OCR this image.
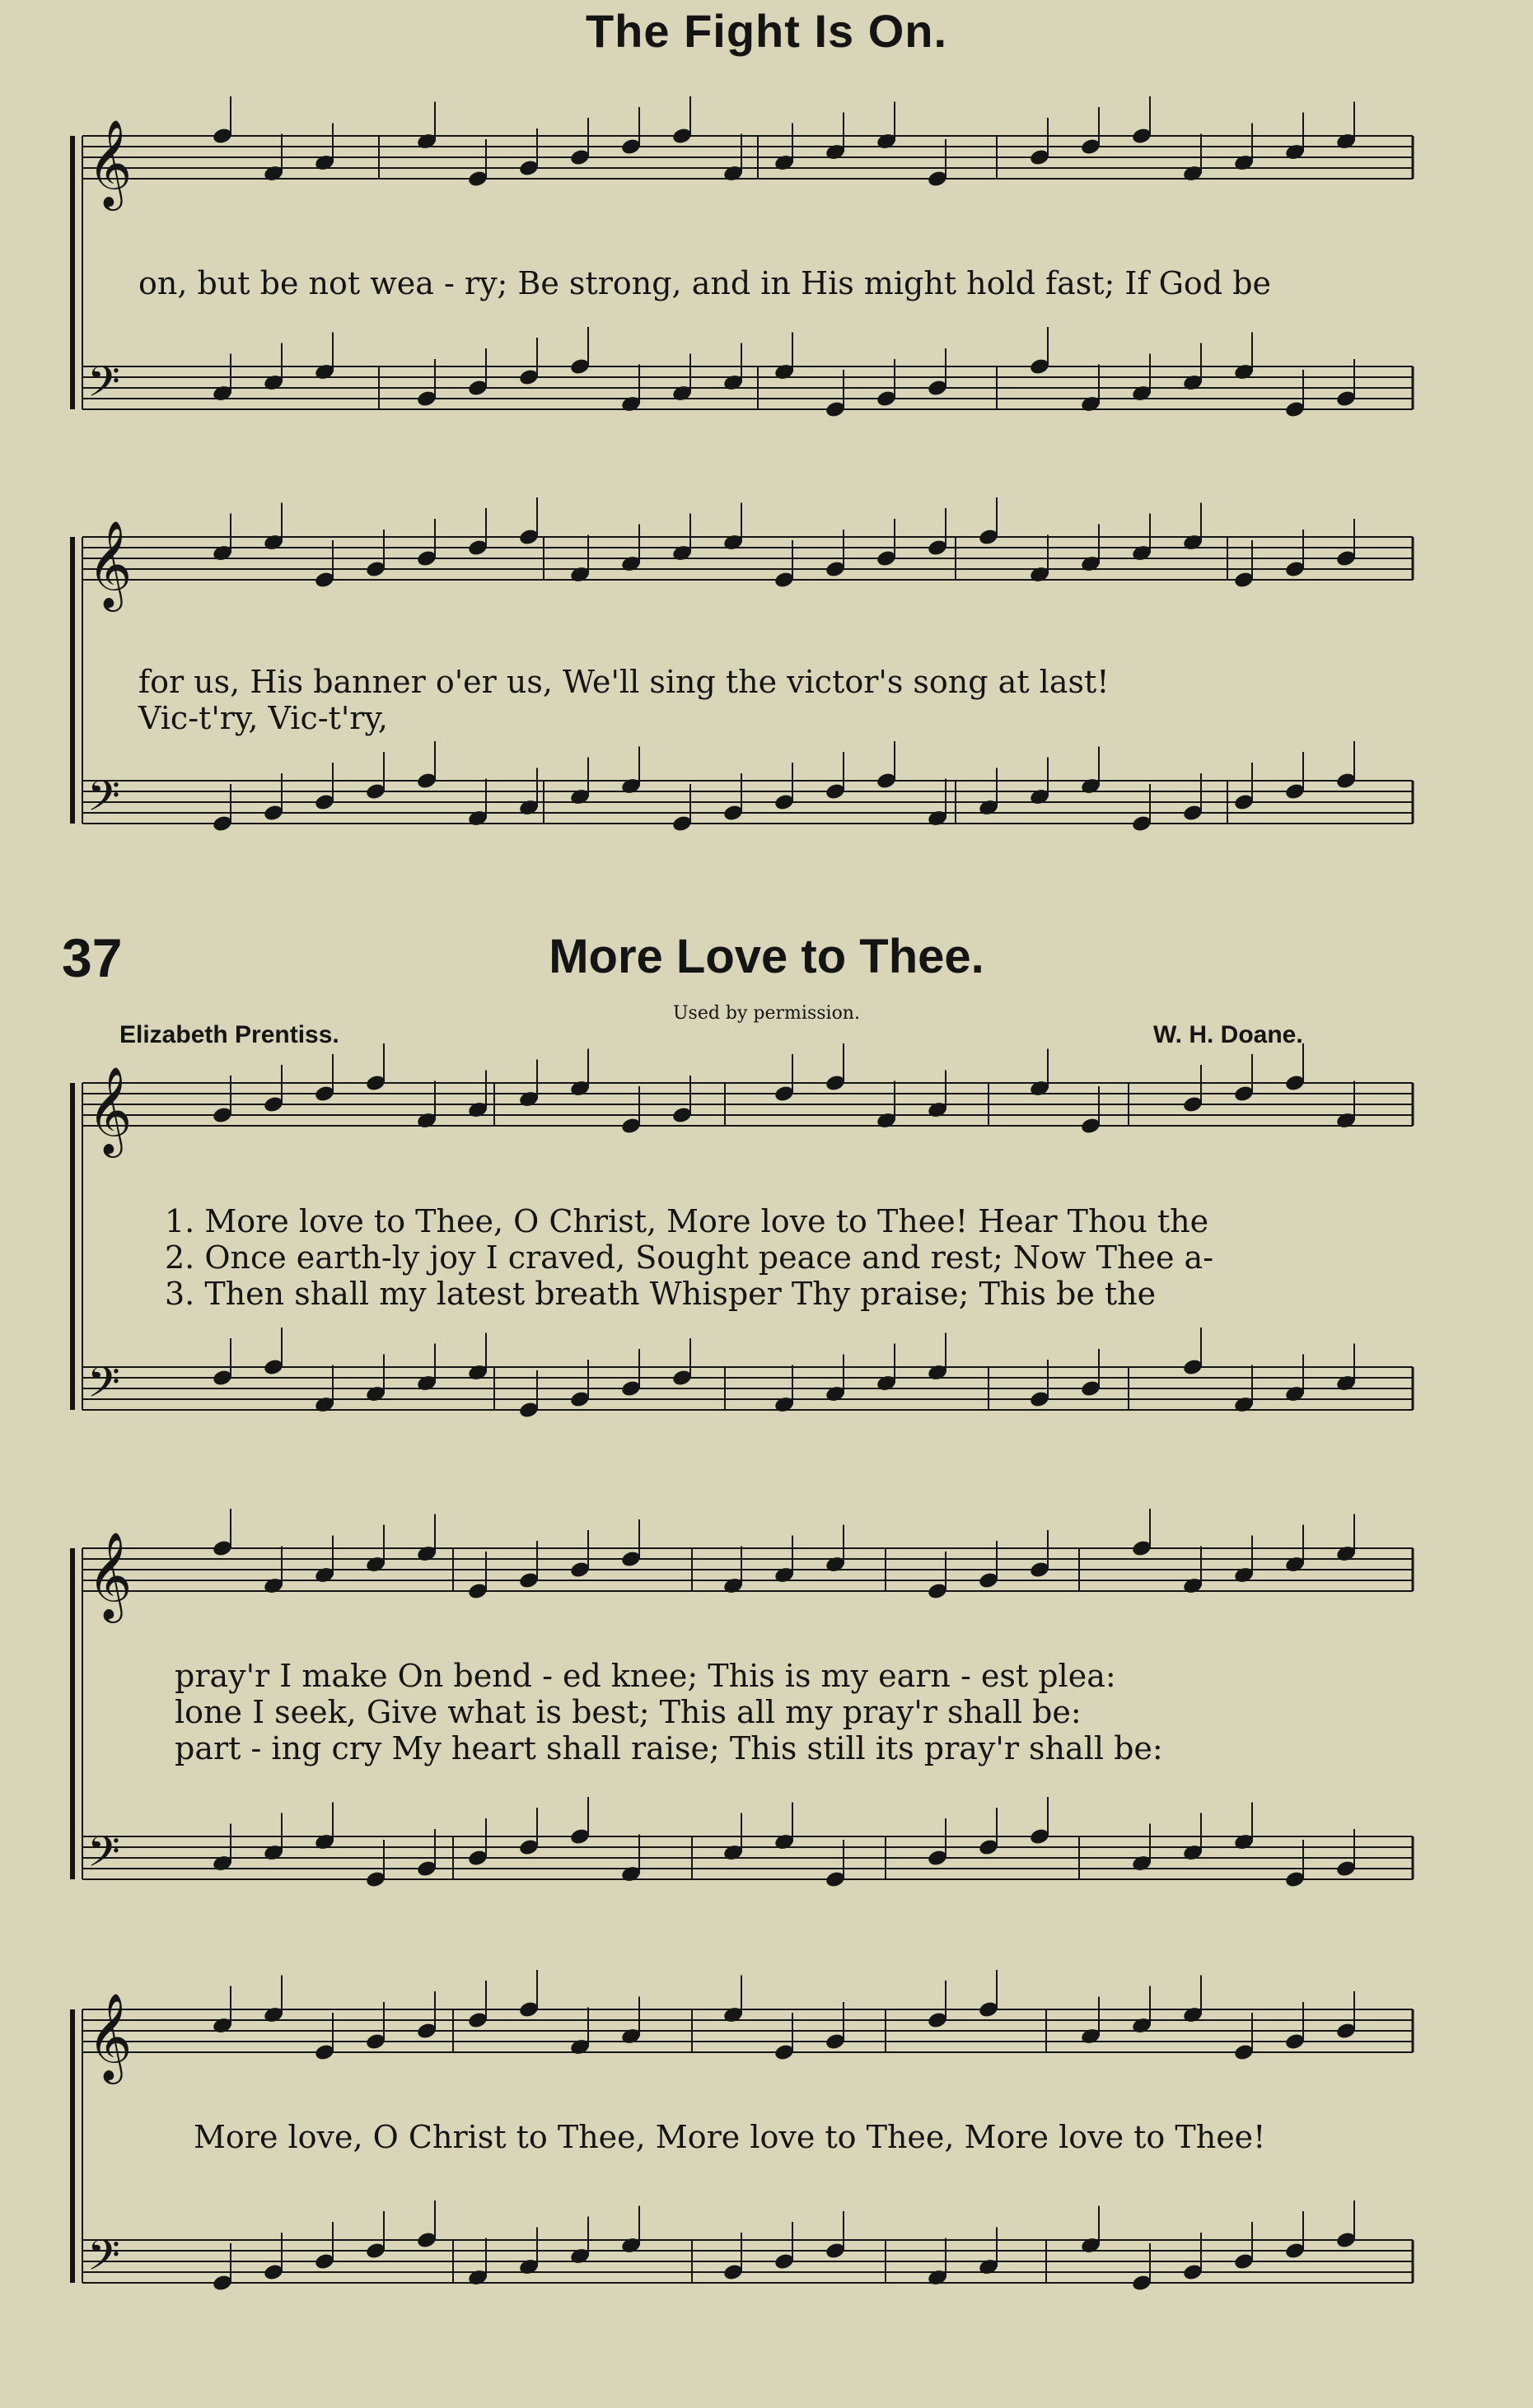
The Fight Is On.
𝄞
𝄢
𝄞
𝄢
𝄞
𝄢
𝄞
𝄢
𝄞
𝄢
on, but be not wea - ry; Be strong, and in His might hold fast; If God be
for us, His banner o'er us, We'll sing the victor's song at last!
Vic-t'ry, Vic-t'ry,
37	More Love to Thee.
Used by permission.
Elizabeth Prentiss.	W. H. Doane.
1. More love to Thee, O Christ, More love to Thee! Hear Thou the
2. Once earth-ly joy I craved, Sought peace and rest; Now Thee a-
3. Then shall my latest breath Whisper Thy praise; This be the
pray'r I make On bend - ed knee; This is my earn - est plea:
lone I seek, Give what is best; This all my pray'r shall be:
part - ing cry My heart shall raise; This still its pray'r shall be:
More love, O Christ to Thee, More love to Thee, More love to Thee!
